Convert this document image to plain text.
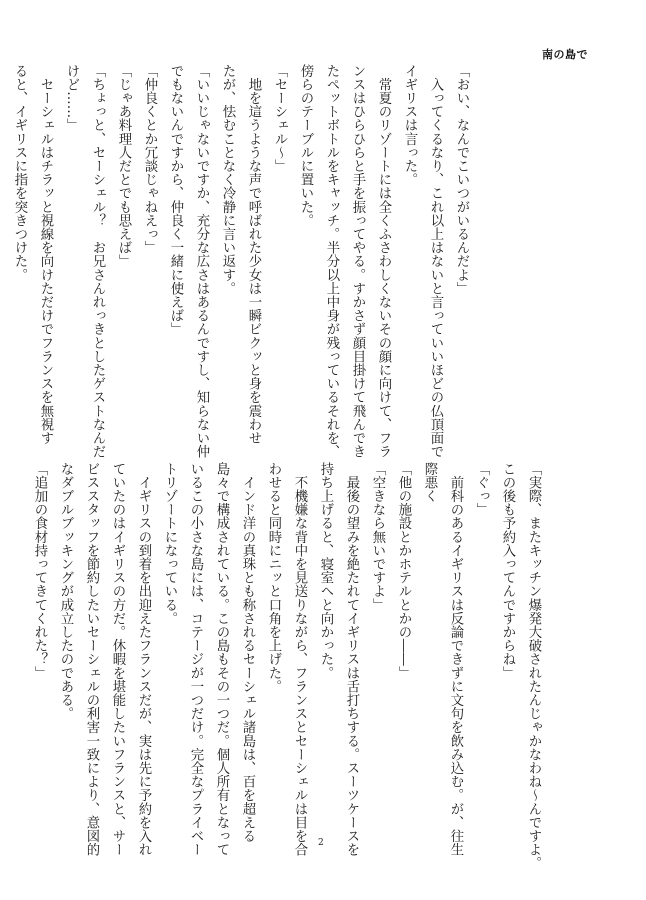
南の島で
「おい、なんでこいつがいるんだよ」
　入ってくるなり、これ以上はないと言っていいほどの仏頂面で
イギリスは言った。
　常夏のリゾートには全くふさわしくないその顔に向けて、フラ
ンスはひらひらと手を振ってやる。すかさず顔目掛けて飛んでき
たペットボトルをキャッチ。半分以上中身が残っているそれを、
傍らのテーブルに置いた。
「セーシェル〜」
　地を這うような声で呼ばれた少女は一瞬ビクッと身を震わせ
たが、怯むことなく冷静に言い返す。
「いいじゃないですか、充分な広さはあるんですし、知らない仲
でもないんですから、仲良く一緒に使えば」
「仲良くとか冗談じゃねえっ」
「じゃあ料理人だとでも思えば」
「ちょっと、セーシェル？　お兄さんれっきとしたゲストなんだ
けど……」
　セーシェルはチラッと視線を向けただけでフランスを無視す
ると、イギリスに指を突きつけた。
「実際、またキッチン爆発大破されたんじゃかなわね〜んですよ。
この後も予約入ってんですからね」
「ぐっ」
　前科のあるイギリスは反論できずに文句を飲み込む。が、往生
際悪く
「他の施設とかホテルとかの――」
「空きなら無いですよ」
　最後の望みを絶たれてイギリスは舌打ちする。スーツケースを
持ち上げると、寝室へと向かった。
　不機嫌な背中を見送りながら、フランスとセーシェルは目を合
わせると同時にニッと口角を上げた。
　インド洋の真珠とも称されるセーシェル諸島は、百を超える
島々で構成されている。この島もその一つだ。個人所有となって
いるこの小さな島には、コテージが一つだけ。完全なプライベー
トリゾートになっている。
　イギリスの到着を出迎えたフランスだが、実は先に予約を入れ
ていたのはイギリスの方だ。休暇を堪能したいフランスと、サー
ビススタッフを節約したいセーシェルの利害一致により、意図的
なダブルブッキングが成立したのである。
「追加の食材持ってきてくれた？」
2
